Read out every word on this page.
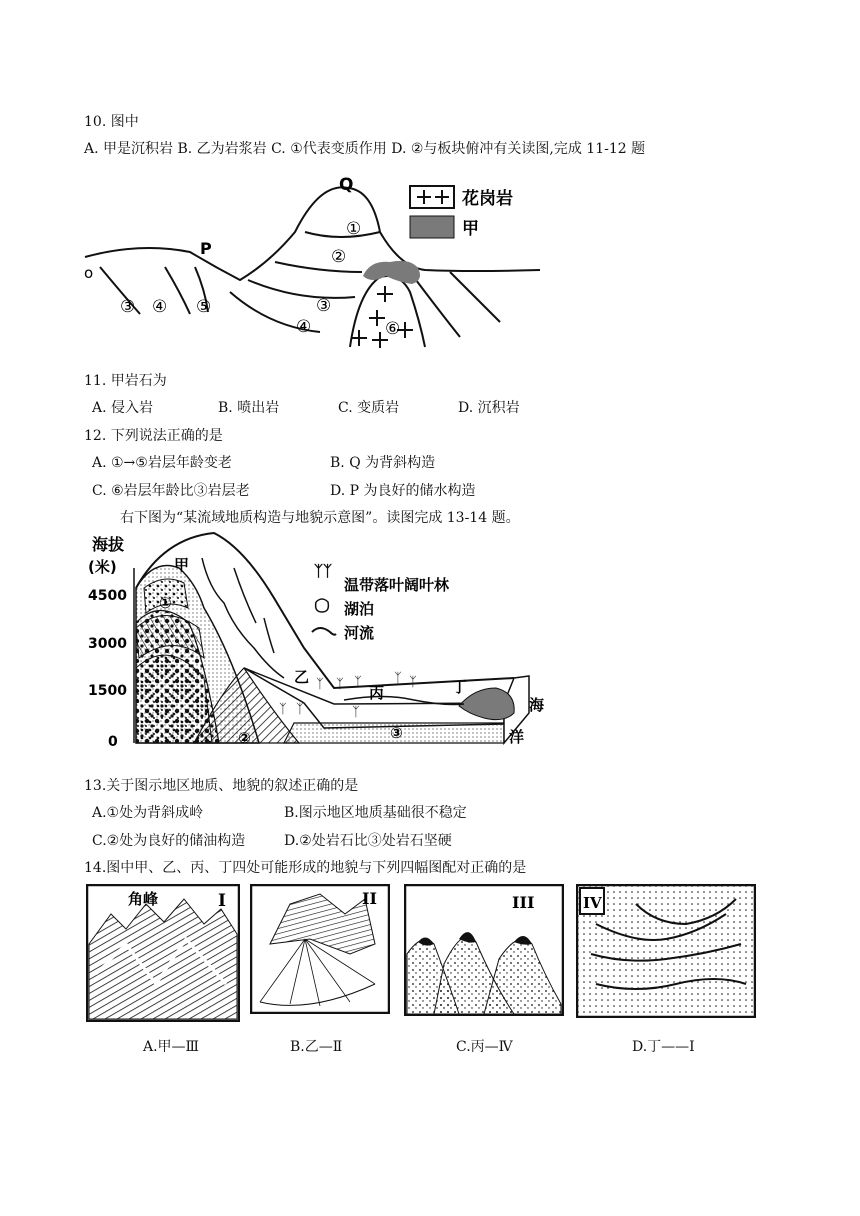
10. 图中
A. 甲是沉积岩 B. 乙为岩浆岩 C. ①代表变质作用 D. ②与板块俯冲有关读图,完成 11-12 题
花岗岩
甲
Q
P
o
①
②
③
④
③ ④ ⑤
⑥
11. 甲岩石为
A. 侵入岩	B. 喷出岩	C. 变质岩	D. 沉积岩
12. 下列说法正确的是
A. ①→⑤岩层年龄变老	B. Q 为背斜构造
C. ⑥岩层年龄比③岩层老	D. P 为良好的储水构造
右下图为“某流域地质构造与地貌示意图”。读图完成 13-14 题。
海拔
(米)
4500
3000
1500
0
ᛉ ᛉ ᛉ
ᛉ ᛉ	ᛉ
ᛉ ᛉ
ᛉᛉ
温带落叶阔叶林
湖泊
河流
甲
①
乙
丙	丁
海
洋
②	③
13.关于图示地区地质、地貌的叙述正确的是
A.①处为背斜成岭	B.图示地区地质基础很不稳定
C.②处为良好的储油构造	D.②处岩石比③处岩石坚硬
14.图中甲、乙、丙、丁四处可能形成的地貌与下列四幅图配对正确的是
角峰	I	II	III	IV
A.甲—Ⅲ	B.乙—Ⅱ	C.丙—Ⅳ	D.丁——Ⅰ
